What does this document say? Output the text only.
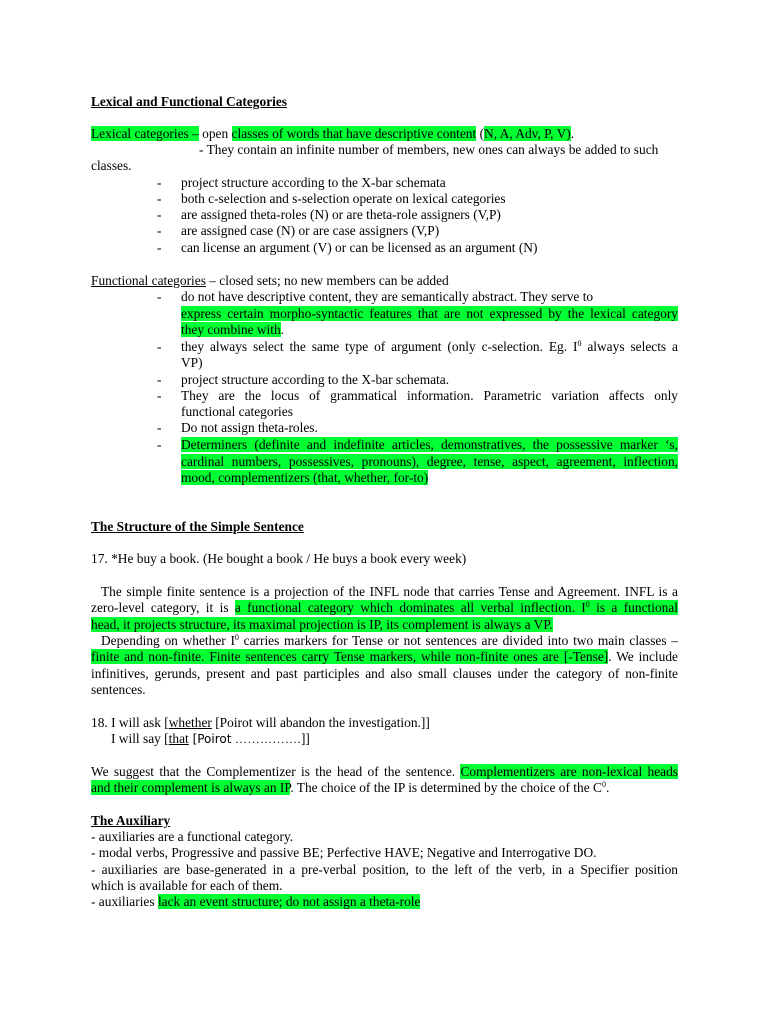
Lexical and Functional Categories
Lexical categories – open classes of words that have descriptive content (N, A, Adv, P, V).
- They contain an infinite number of members, new ones can always be added to such
classes.
- project structure according to the X-bar schemata
- both c-selection and s-selection operate on lexical categories
- are assigned theta-roles (N) or are theta-role assigners (V,P)
- are assigned case (N) or are case assigners (V,P)
- can license an argument (V) or can be licensed as an argument (N)
Functional categories – closed sets; no new members can be added
- do not have descriptive content, they are semantically abstract. They serve to
express certain morpho-syntactic features that are not expressed by the lexical category
they combine with.
- they always select the same type of argument (only c-selection. Eg. $I^0$ always selects a
VP)
- project structure according to the X-bar schemata.
- They are the locus of grammatical information. Parametric variation affects only
functional categories
- Do not assign theta-roles.
- Determiners (definite and indefinite articles, demonstratives, the possessive marker ‘s,
cardinal numbers, possessives, pronouns), degree, tense, aspect, agreement, inflection,
mood, complementizers (that, whether, for-to)
The Structure of the Simple Sentence
17. *He buy a book. (He bought a book / He buys a book every week)
The simple finite sentence is a projection of the INFL node that carries Tense and Agreement. INFL is a
zero-level category, it is a functional category which dominates all verbal inflection. $I^0$ is a functional
head, it projects structure, its maximal projection is IP, its complement is always a VP.
Depending on whether $I^0$ carries markers for Tense or not sentences are divided into two main classes –
finite and non-finite. Finite sentences carry Tense markers, while non-finite ones are [-Tense]. We include
infinitives, gerunds, present and past participles and also small clauses under the category of non-finite
sentences.
18. I will ask [whether [Poirot will abandon the investigation.]]
I will say [that [Poirot …………….]]
We suggest that the Complementizer is the head of the sentence. Complementizers are non-lexical heads
and their complement is always an IP. The choice of the IP is determined by the choice of the $C^0$.
The Auxiliary
- auxiliaries are a functional category.
- modal verbs, Progressive and passive BE; Perfective HAVE; Negative and Interrogative DO.
- auxiliaries are base-generated in a pre-verbal position, to the left of the verb, in a Specifier position
which is available for each of them.
- auxiliaries lack an event structure; do not assign a theta-role
